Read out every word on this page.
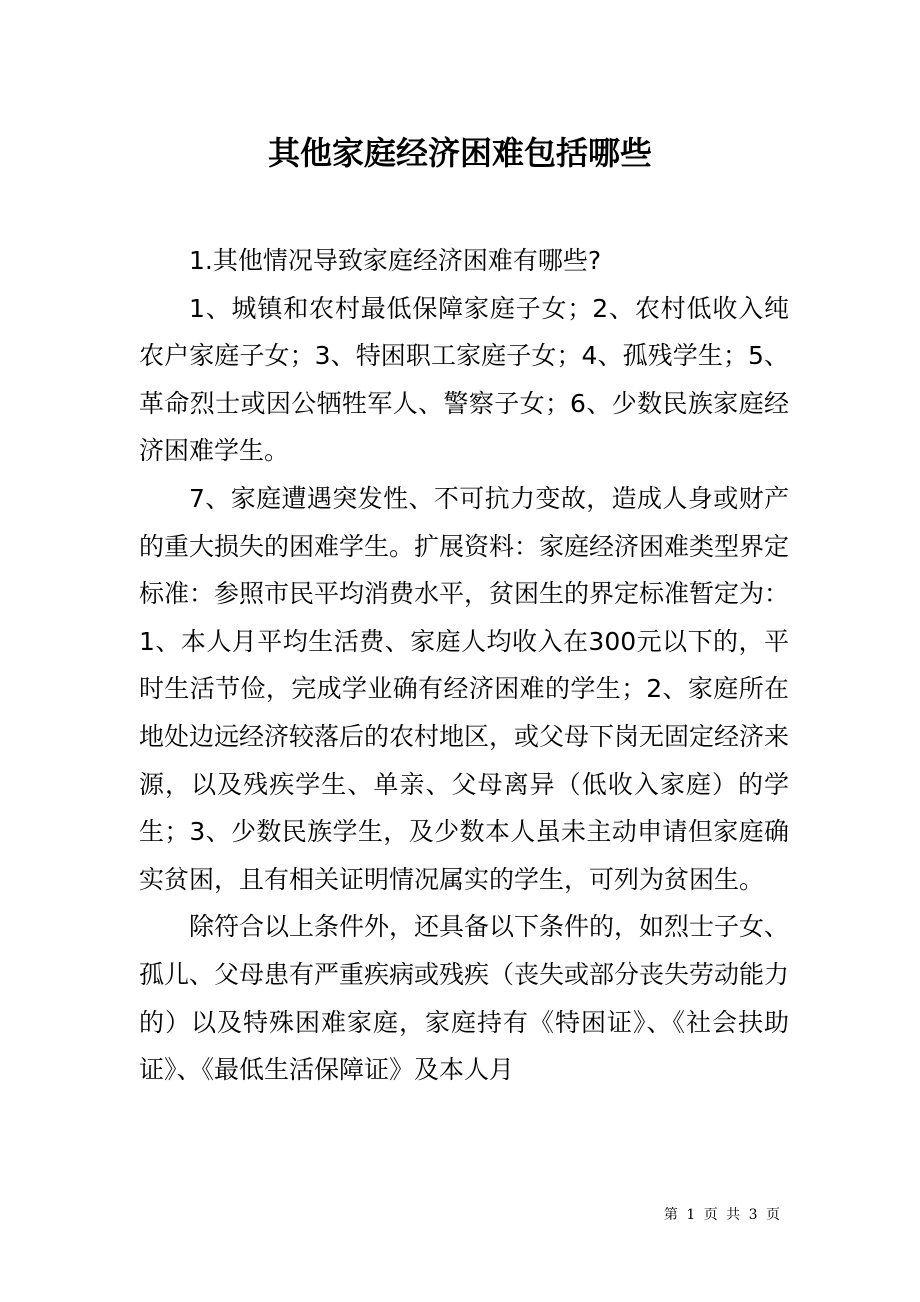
其他家庭经济困难包括哪些

1.其他情况导致家庭经济困难有哪些?

1、城镇和农村最低保障家庭子女；2、农村低收入纯农户家庭子女；3、特困职工家庭子女；4、孤残学生；5、革命烈士或因公牺牲军人、警察子女；6、少数民族家庭经济困难学生。

7、家庭遭遇突发性、不可抗力变故，造成人身或财产的重大损失的困难学生。扩展资料：家庭经济困难类型界定标准：参照市民平均消费水平，贫困生的界定标准暂定为：1、本人月平均生活费、家庭人均收入在300元以下的，平时生活节俭，完成学业确有经济困难的学生；2、家庭所在地处边远经济较落后的农村地区，或父母下岗无固定经济来源，以及残疾学生、单亲、父母离异（低收入家庭）的学生；3、少数民族学生，及少数本人虽未主动申请但家庭确实贫困，且有相关证明情况属实的学生，可列为贫困生。

除符合以上条件外，还具备以下条件的，如烈士子女、孤儿、父母患有严重疾病或残疾（丧失或部分丧失劳动能力的）以及特殊困难家庭，家庭持有《特困证》、《社会扶助证》、《最低生活保障证》及本人月

第 1 页 共 3 页
